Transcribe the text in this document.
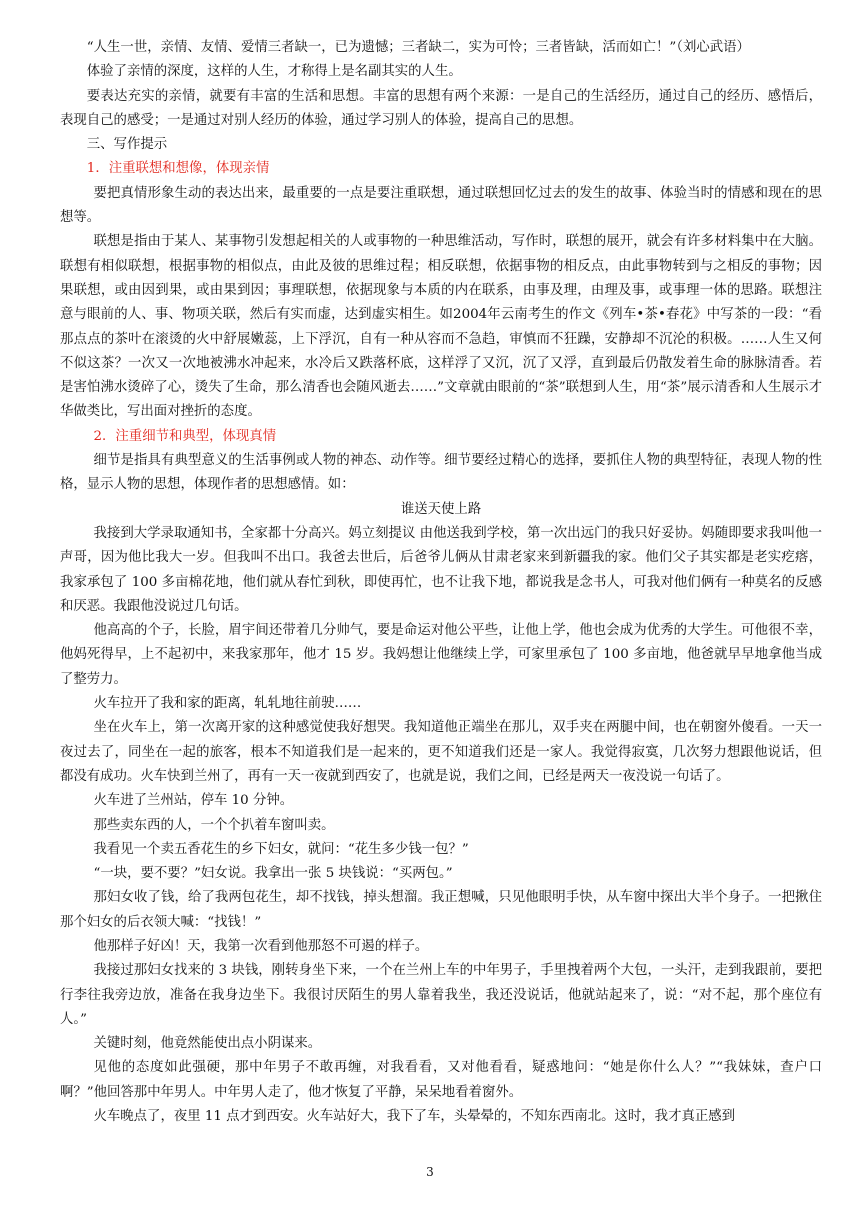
“人生一世，亲情、友情、爱情三者缺一，已为遗憾；三者缺二，实为可怜；三者皆缺，活而如亡！”（刘心武语）

体验了亲情的深度，这样的人生，才称得上是名副其实的人生。

要表达充实的亲情，就要有丰富的生活和思想。丰富的思想有两个来源：一是自己的生活经历，通过自己的经历、感悟后，表现自己的感受；一是通过对别人经历的体验，通过学习别人的体验，提高自己的思想。

三、写作提示

1．注重联想和想像，体现亲情

要把真情形象生动的表达出来，最重要的一点是要注重联想，通过联想回忆过去的发生的故事、体验当时的情感和现在的思想等。

联想是指由于某人、某事物引发想起相关的人或事物的一种思维活动，写作时，联想的展开，就会有许多材料集中在大脑。联想有相似联想，根据事物的相似点，由此及彼的思维过程；相反联想，依据事物的相反点，由此事物转到与之相反的事物；因果联想，或由因到果，或由果到因；事理联想，依据现象与本质的内在联系，由事及理，由理及事，或事理一体的思路。联想注意与眼前的人、事、物项关联，然后有实而虚，达到虚实相生。如2004年云南考生的作文《列车•茶•春花》中写茶的一段：“看那点点的茶叶在滚烫的火中舒展嫩蕊，上下浮沉，自有一种从容而不急趋，审慎而不狂躁，安静却不沉沦的积极。……人生又何不似这茶？一次又一次地被沸水冲起来，水冷后又跌落杯底，这样浮了又沉，沉了又浮，直到最后仍散发着生命的脉脉清香。若是害怕沸水烫碎了心，烫失了生命，那么清香也会随风逝去……”文章就由眼前的“茶”联想到人生，用“茶”展示清香和人生展示才华做类比，写出面对挫折的态度。

2．注重细节和典型，体现真情

细节是指具有典型意义的生活事例或人物的神态、动作等。细节要经过精心的选择，要抓住人物的典型特征，表现人物的性格，显示人物的思想，体现作者的思想感情。如：

谁送天使上路

我接到大学录取通知书，全家都十分高兴。妈立刻提议 由他送我到学校，第一次出远门的我只好妥协。妈随即要求我叫他一声哥，因为他比我大一岁。但我叫不出口。我爸去世后，后爸爷儿俩从甘肃老家来到新疆我的家。他们父子其实都是老实疙瘩，我家承包了 100 多亩棉花地，他们就从春忙到秋，即使再忙，也不让我下地，都说我是念书人，可我对他们俩有一种莫名的反感和厌恶。我跟他没说过几句话。

他高高的个子，长脸，眉宇间还带着几分帅气，要是命运对他公平些，让他上学，他也会成为优秀的大学生。可他很不幸，他妈死得早，上不起初中，来我家那年，他才 15 岁。我妈想让他继续上学，可家里承包了 100 多亩地，他爸就早早地拿他当成了整劳力。

火车拉开了我和家的距离，轧轧地往前驶……

坐在火车上，第一次离开家的这种感觉使我好想哭。我知道他正端坐在那儿，双手夹在两腿中间，也在朝窗外傻看。一天一夜过去了，同坐在一起的旅客，根本不知道我们是一起来的，更不知道我们还是一家人。我觉得寂寞，几次努力想跟他说话，但都没有成功。火车快到兰州了，再有一天一夜就到西安了，也就是说，我们之间，已经是两天一夜没说一句话了。

火车进了兰州站，停车 10 分钟。

那些卖东西的人，一个个扒着车窗叫卖。

我看见一个卖五香花生的乡下妇女，就问：“花生多少钱一包？”

“一块，要不要？”妇女说。我拿出一张 5 块钱说：“买两包。”

那妇女收了钱，给了我两包花生，却不找钱，掉头想溜。我正想喊，只见他眼明手快，从车窗中探出大半个身子。一把揪住那个妇女的后衣领大喊：“找钱！”

他那样子好凶！天，我第一次看到他那怒不可遏的样子。

我接过那妇女找来的 3 块钱，刚转身坐下来，一个在兰州上车的中年男子，手里拽着两个大包，一头汗，走到我跟前，要把行李往我旁边放，准备在我身边坐下。我很讨厌陌生的男人靠着我坐，我还没说话，他就站起来了，说：“对不起，那个座位有人。”

关键时刻，他竟然能使出点小阴谋来。

见他的态度如此强硬，那中年男子不敢再缠，对我看看，又对他看看，疑惑地问：“她是你什么人？”“我妹妹，查户口啊？”他回答那中年男人。中年男人走了，他才恢复了平静，呆呆地看着窗外。

火车晚点了，夜里 11 点才到西安。火车站好大，我下了车，头晕晕的，不知东西南北。这时，我才真正感到

3
